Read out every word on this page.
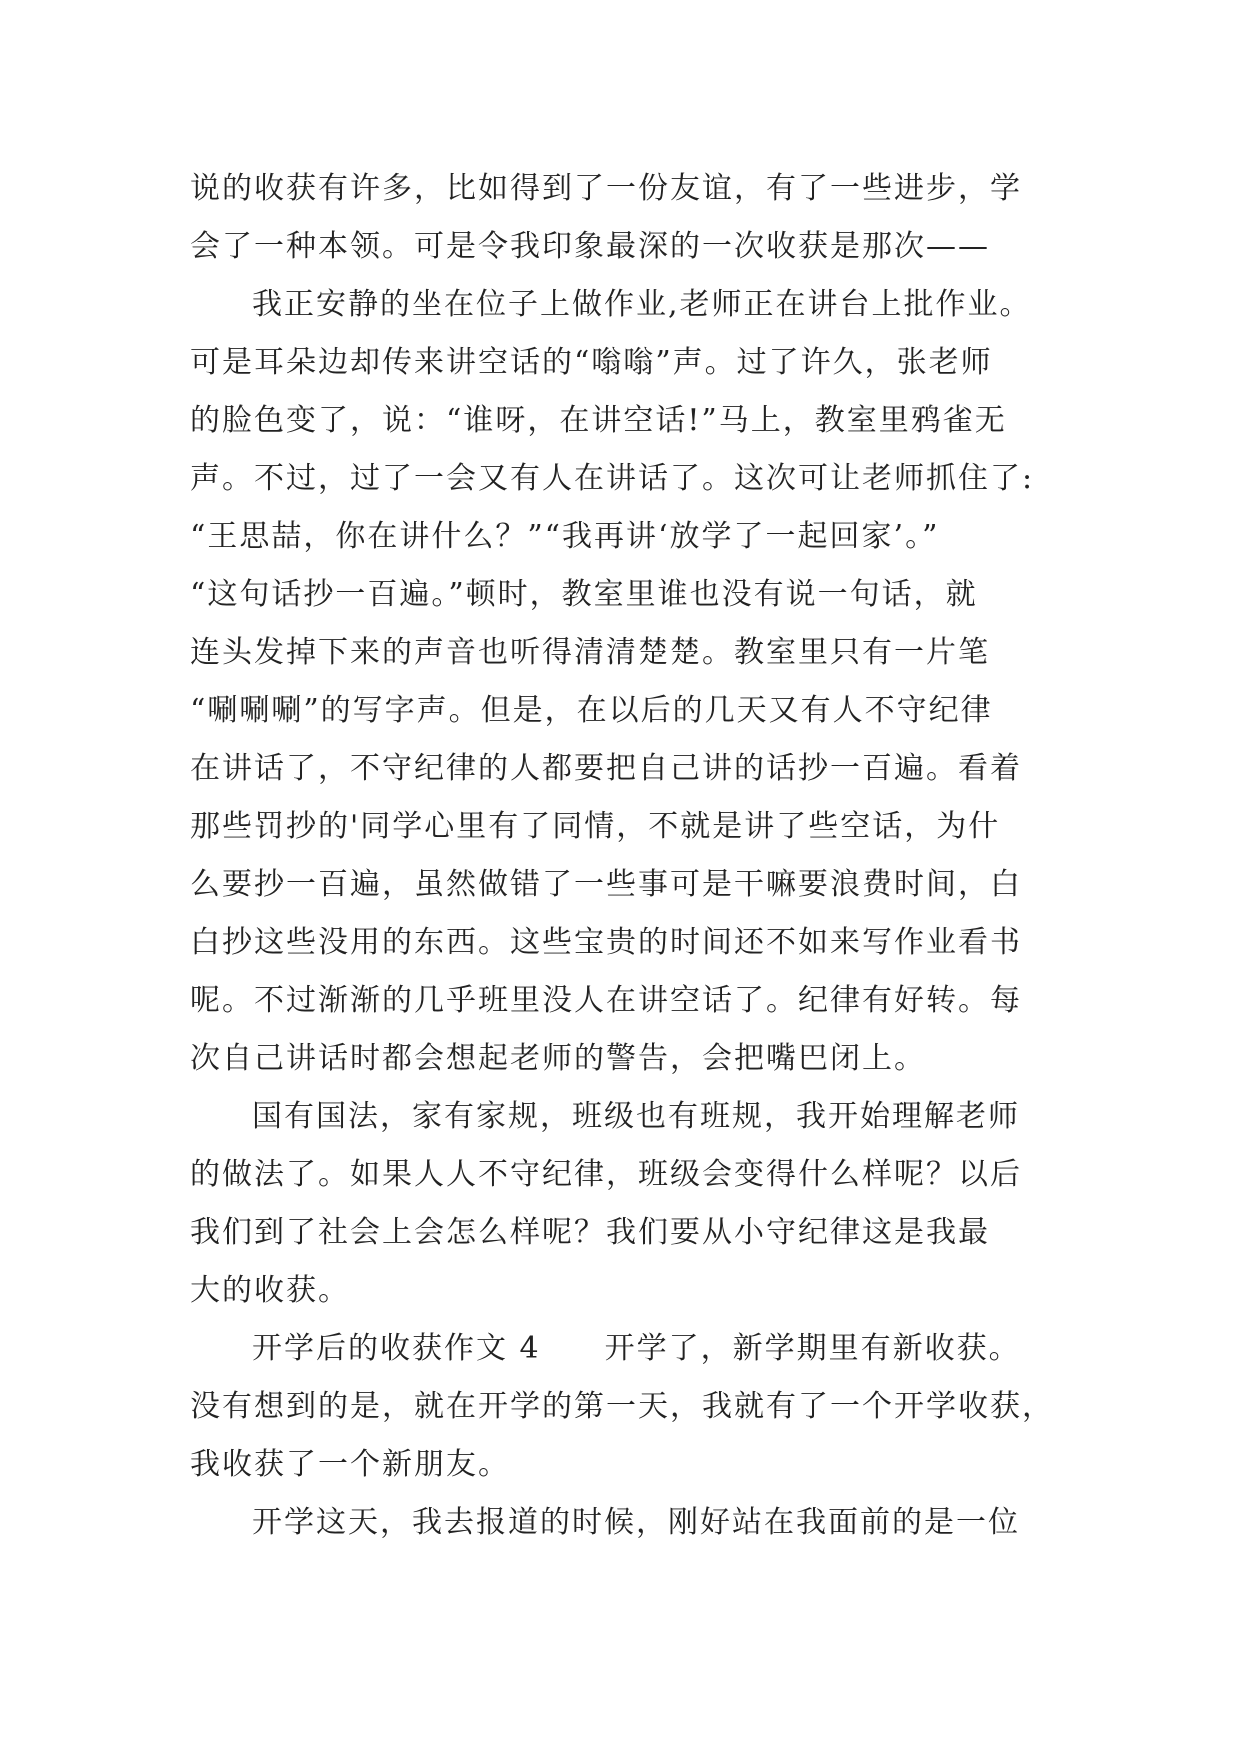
说的收获有许多，比如得到了一份友谊，有了一些进步，学
会了一种本领。可是令我印象最深的一次收获是那次——
我正安静的坐在位子上做作业,老师正在讲台上批作业。
可是耳朵边却传来讲空话的“嗡嗡”声。过了许久，张老师
的脸色变了，说：“谁呀，在讲空话!”马上，教室里鸦雀无
声。不过，过了一会又有人在讲话了。这次可让老师抓住了:
“王思喆，你在讲什么？”“我再讲‘放学了一起回家’。”
“这句话抄一百遍。”顿时，教室里谁也没有说一句话，就
连头发掉下来的声音也听得清清楚楚。教室里只有一片笔
“唰唰唰”的写字声。但是，在以后的几天又有人不守纪律
在讲话了，不守纪律的人都要把自己讲的话抄一百遍。看着
那些罚抄的'同学心里有了同情，不就是讲了些空话，为什
么要抄一百遍，虽然做错了一些事可是干嘛要浪费时间，白
白抄这些没用的东西。这些宝贵的时间还不如来写作业看书
呢。不过渐渐的几乎班里没人在讲空话了。纪律有好转。每
次自己讲话时都会想起老师的警告，会把嘴巴闭上。
国有国法，家有家规，班级也有班规，我开始理解老师
的做法了。如果人人不守纪律，班级会变得什么样呢？以后
我们到了社会上会怎么样呢？我们要从小守纪律这是我最
大的收获。
开学后的收获作文 4　　开学了，新学期里有新收获。
没有想到的是，就在开学的第一天，我就有了一个开学收获，
我收获了一个新朋友。
开学这天，我去报道的时候，刚好站在我面前的是一位
